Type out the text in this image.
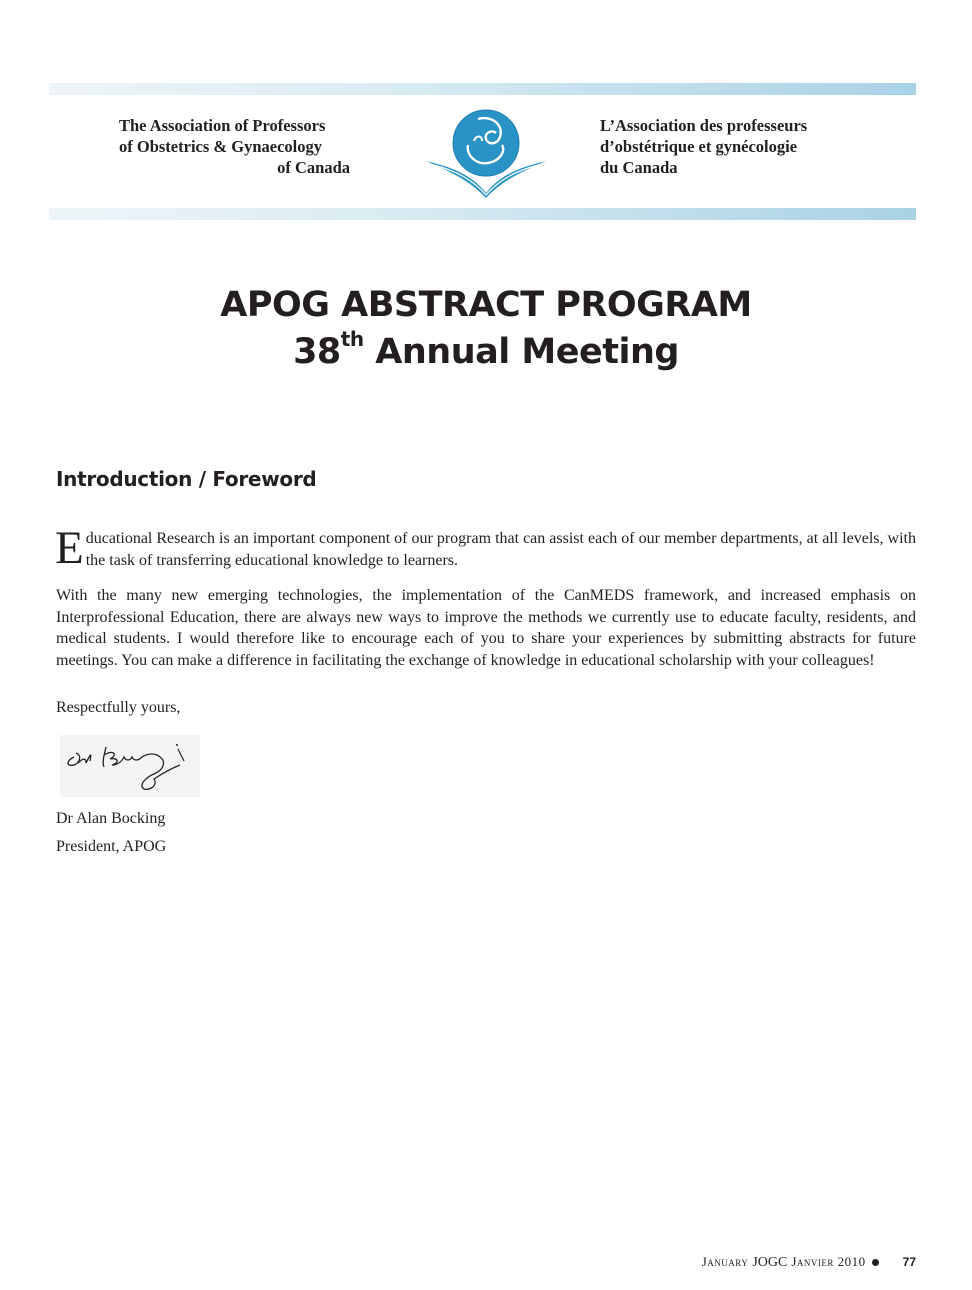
The Association of Professors
of Obstetrics & Gynaecology
of Canada
L’Association des professeurs
d’obstétrique et gynécologie
du Canada
APOG ABSTRACT PROGRAM
38th Annual Meeting
Introduction / Foreword
Educational Research is an important component of our program that can assist each of our member departments, at all levels, with the task of transferring educational knowledge to learners.
With the many new emerging technologies, the implementation of the CanMEDS framework, and increased emphasis on Interprofessional Education, there are always new ways to improve the methods we currently use to educate faculty, residents, and medical students. I would therefore like to encourage each of you to share your experiences by submitting abstracts for future meetings. You can make a difference in facilitating the exchange of knowledge in educational scholarship with your colleagues!
Respectfully yours,
Dr Alan Bocking
President, APOG
January JOGC Janvier 2010	77
